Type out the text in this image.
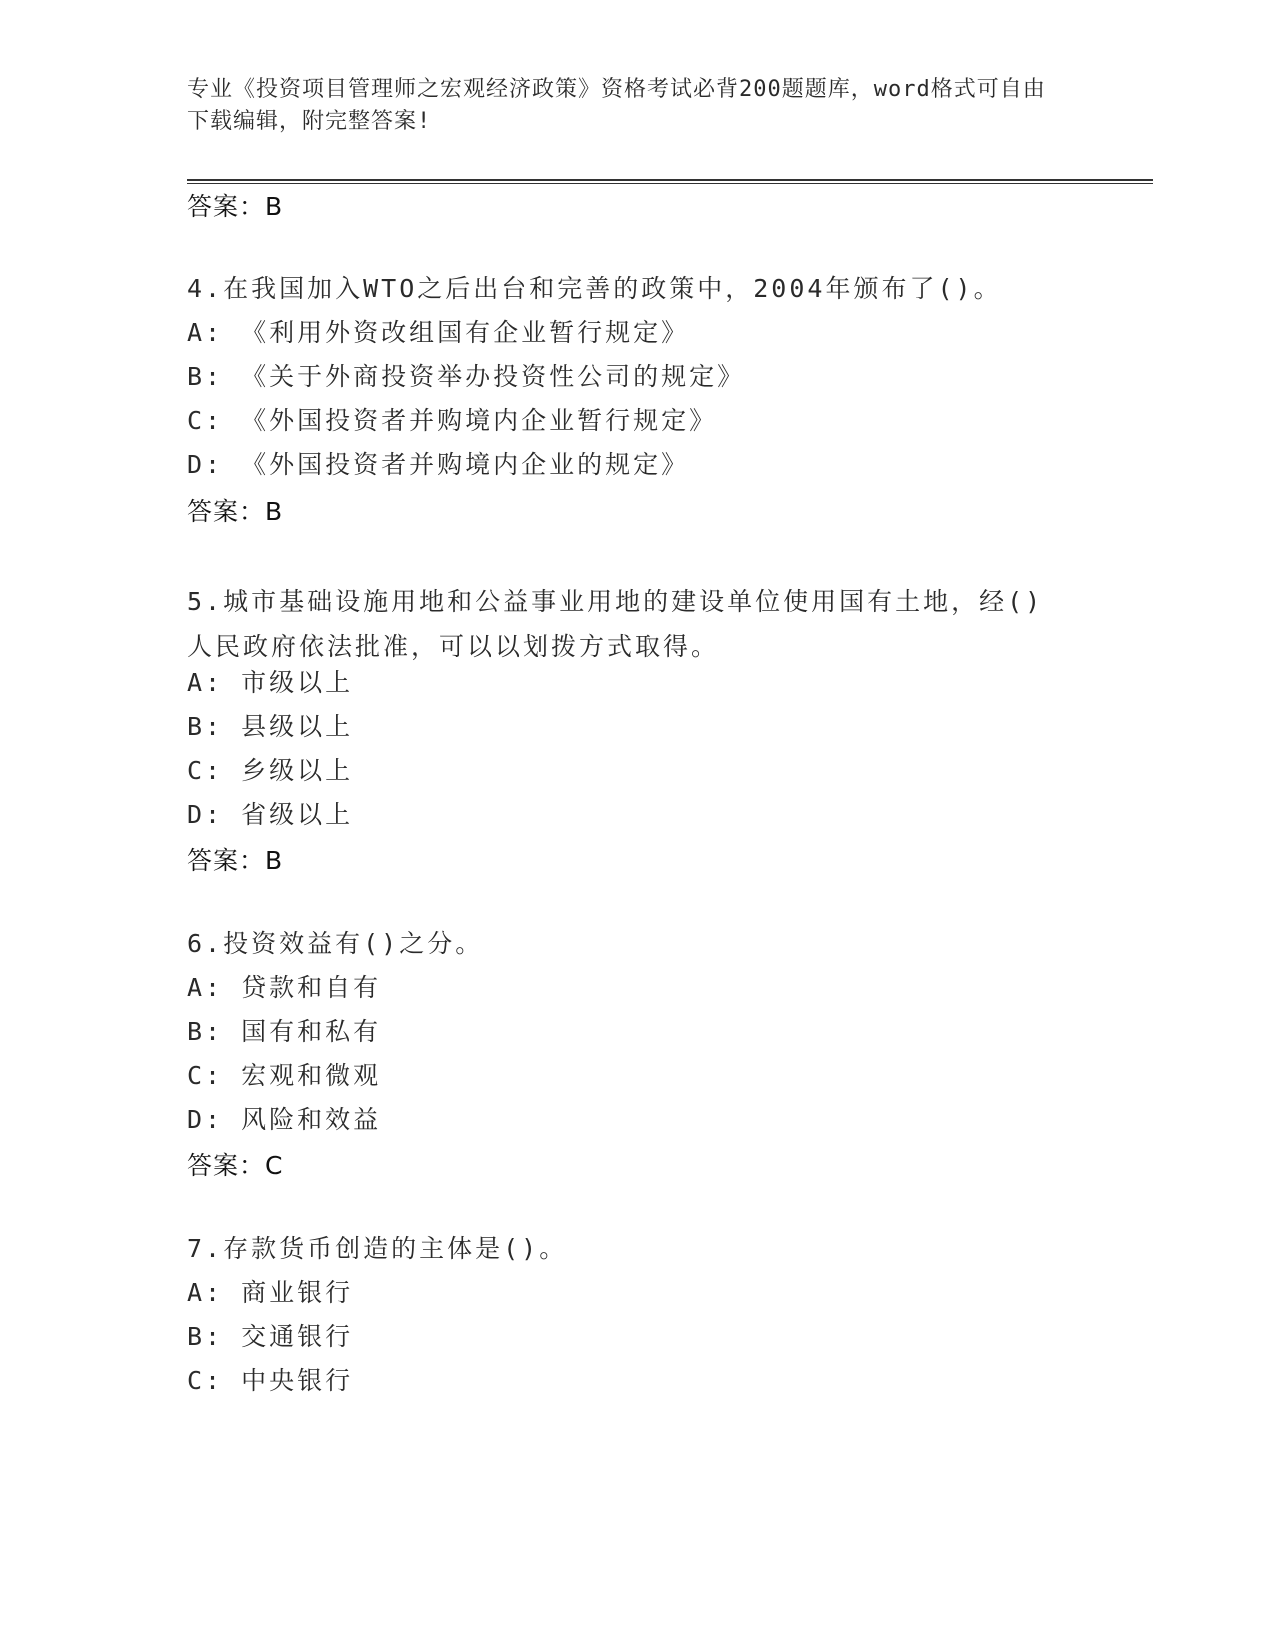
专业《投资项目管理师之宏观经济政策》资格考试必背200题题库，word格式可自由下载编辑，附完整答案!
答案：B
4.在我国加入WTO之后出台和完善的政策中，2004年颁布了()。
A: 《利用外资改组国有企业暂行规定》
B: 《关于外商投资举办投资性公司的规定》
C: 《外国投资者并购境内企业暂行规定》
D: 《外国投资者并购境内企业的规定》
答案：B
5.城市基础设施用地和公益事业用地的建设单位使用国有土地，经()人民政府依法批准，可以以划拨方式取得。
A: 市级以上
B: 县级以上
C: 乡级以上
D: 省级以上
答案：B
6.投资效益有()之分。
A: 贷款和自有
B: 国有和私有
C: 宏观和微观
D: 风险和效益
答案：C
7.存款货币创造的主体是()。
A: 商业银行
B: 交通银行
C: 中央银行
